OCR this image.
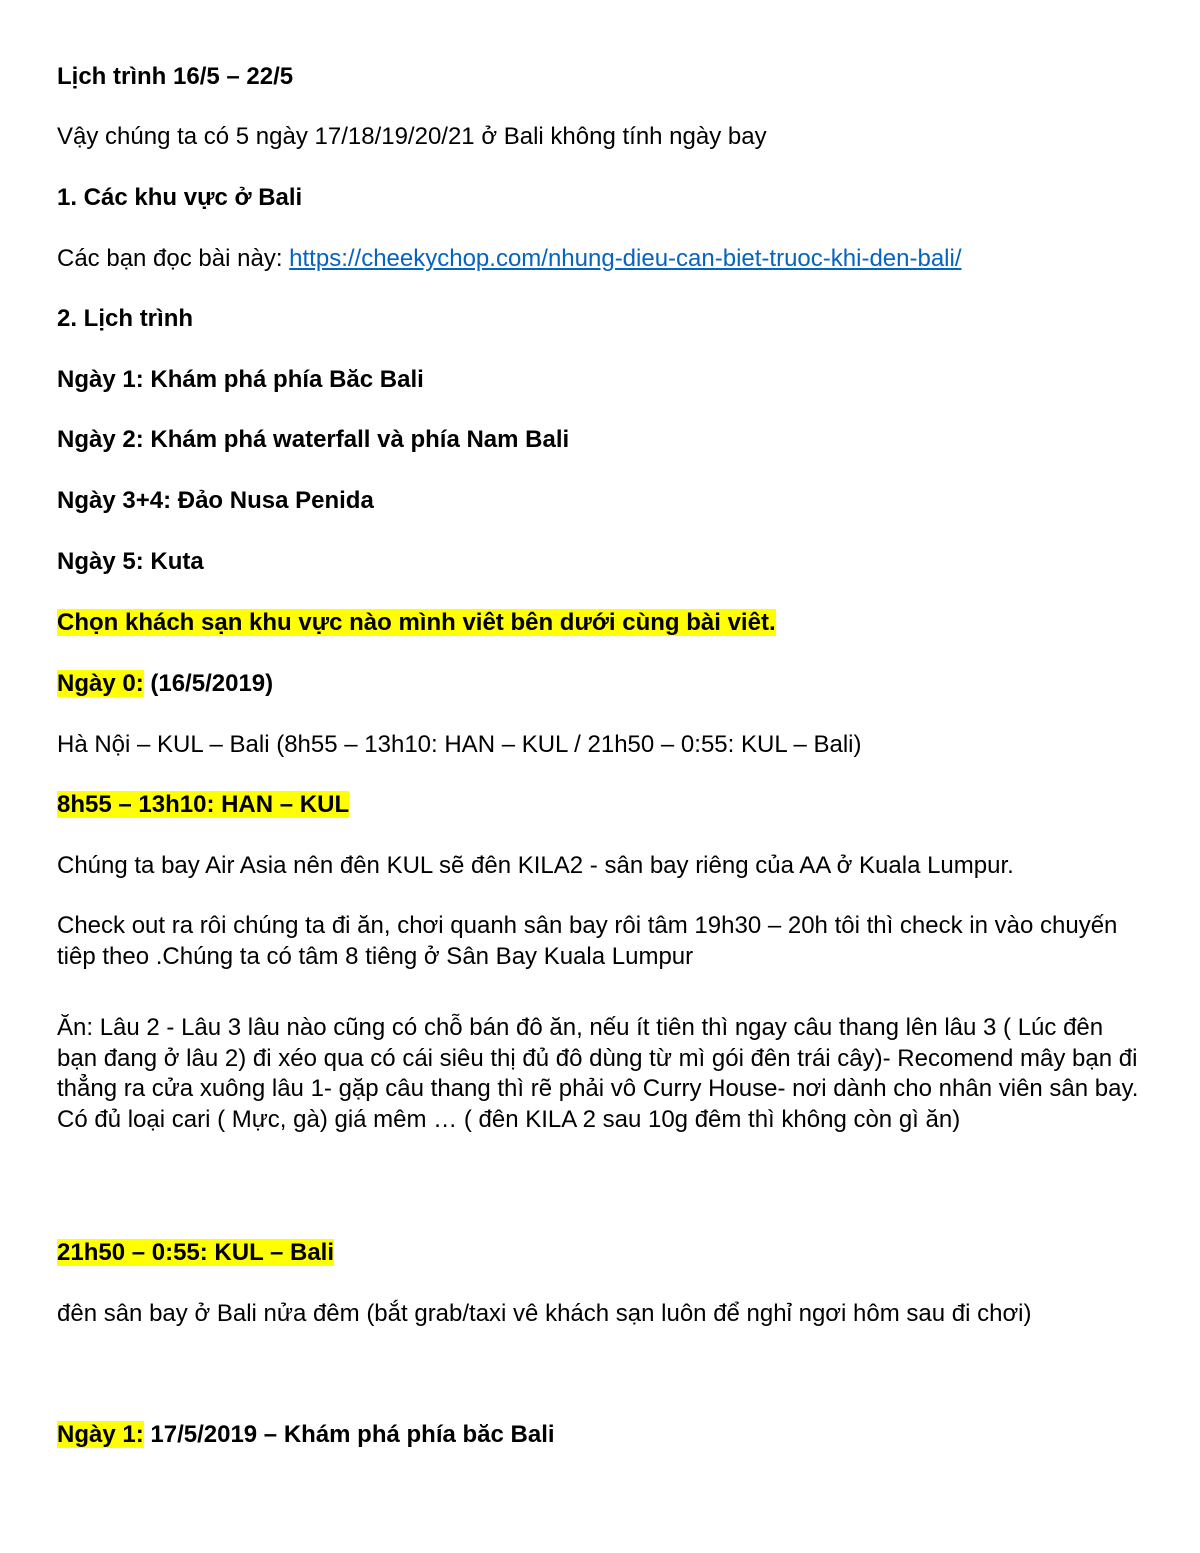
Lịch trình 16/5 – 22/5

Vậy chúng ta có 5 ngày 17/18/19/20/21 ở Bali không tính ngày bay

1. Các khu vực ở Bali

Các bạn đọc bài này: https://cheekychop.com/nhung-dieu-can-biet-truoc-khi-den-bali/

2. Lịch trình

Ngày 1: Khám phá phía Băc Bali

Ngày 2: Khám phá waterfall và phía Nam Bali

Ngày 3+4: Đảo Nusa Penida

Ngày 5: Kuta

Chọn khách sạn khu vực nào mình viêt bên dưới cùng bài viêt.

Ngày 0: (16/5/2019)

Hà Nội – KUL – Bali (8h55 – 13h10: HAN – KUL / 21h50 – 0:55: KUL – Bali)

8h55 – 13h10: HAN – KUL

Chúng ta bay Air Asia nên đên KUL sẽ đên KILA2 - sân bay riêng của AA ở Kuala Lumpur.

Check out ra rôi chúng ta đi ăn, chơi quanh sân bay rôi tâm 19h30 – 20h tôi thì check in vào chuyến tiêp theo .Chúng ta có tâm 8 tiêng ở Sân Bay Kuala Lumpur

Ăn: Lâu 2 - Lâu 3 lâu nào cũng có chỗ bán đô ăn, nếu ít tiên thì ngay câu thang lên lâu 3 ( Lúc đên bạn đang ở lâu 2) đi xéo qua có cái siêu thị đủ đô dùng từ mì gói đên trái cây)- Recomend mây bạn đi thẳng ra cửa xuông lâu 1- gặp câu thang thì rẽ phải vô Curry House- nơi dành cho nhân viên sân bay. Có đủ loại cari ( Mực, gà) giá mêm … ( đên KILA 2 sau 10g đêm thì không còn gì ăn)

21h50 – 0:55: KUL – Bali

đên sân bay ở Bali nửa đêm (bắt grab/taxi vê khách sạn luôn để nghỉ ngơi hôm sau đi chơi)

Ngày 1: 17/5/2019 – Khám phá phía băc Bali
